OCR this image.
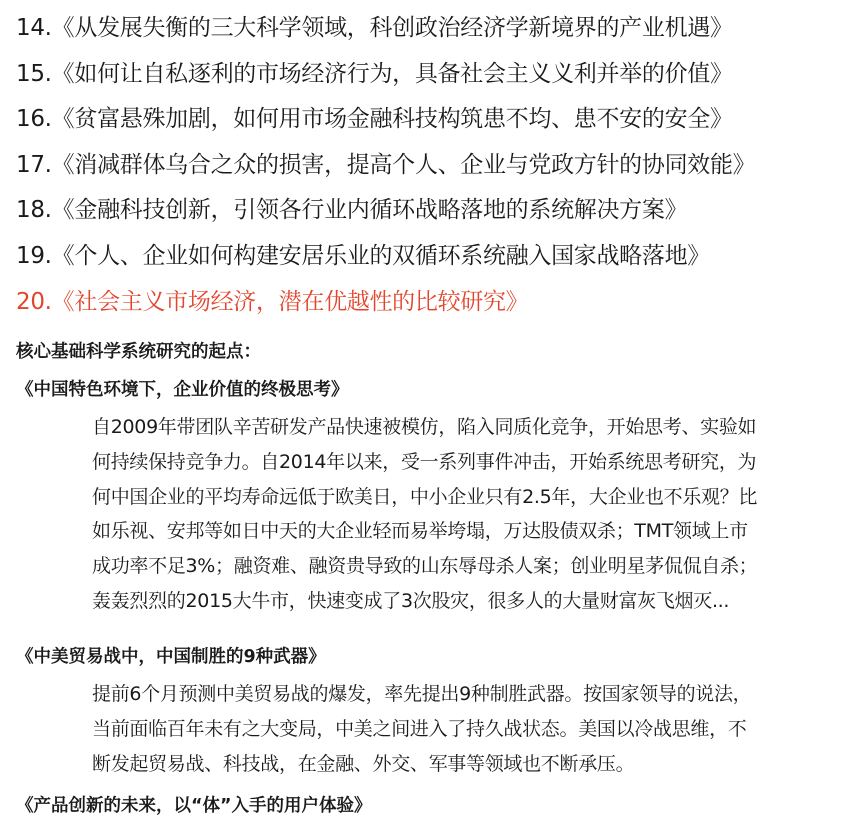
14.《从发展失衡的三大科学领域，科创政治经济学新境界的产业机遇》
15.《如何让自私逐利的市场经济行为，具备社会主义义利并举的价值》
16.《贫富悬殊加剧，如何用市场金融科技构筑患不均、患不安的安全》
17.《消减群体乌合之众的损害，提高个人、企业与党政方针的协同效能》
18.《金融科技创新，引领各行业内循环战略落地的系统解决方案》
19.《个人、企业如何构建安居乐业的双循环系统融入国家战略落地》
20.《社会主义市场经济，潜在优越性的比较研究》
核心基础科学系统研究的起点：
《中国特色环境下，企业价值的终极思考》
自2009年带团队辛苦研发产品快速被模仿，陷入同质化竞争，开始思考、实验如
何持续保持竞争力。自2014年以来，受一系列事件冲击，开始系统思考研究，为
何中国企业的平均寿命远低于欧美日，中小企业只有2.5年，大企业也不乐观？比
如乐视、安邦等如日中天的大企业轻而易举垮塌，万达股债双杀；TMT领域上市
成功率不足3%；融资难、融资贵导致的山东辱母杀人案；创业明星茅侃侃自杀；
轰轰烈烈的2015大牛市，快速变成了3次股灾，很多人的大量财富灰飞烟灭...
《中美贸易战中，中国制胜的9种武器》
提前6个月预测中美贸易战的爆发，率先提出9种制胜武器。按国家领导的说法，
当前面临百年未有之大变局，中美之间进入了持久战状态。美国以冷战思维，不
断发起贸易战、科技战，在金融、外交、军事等领域也不断承压。
《产品创新的未来，以“体”入手的用户体验》
